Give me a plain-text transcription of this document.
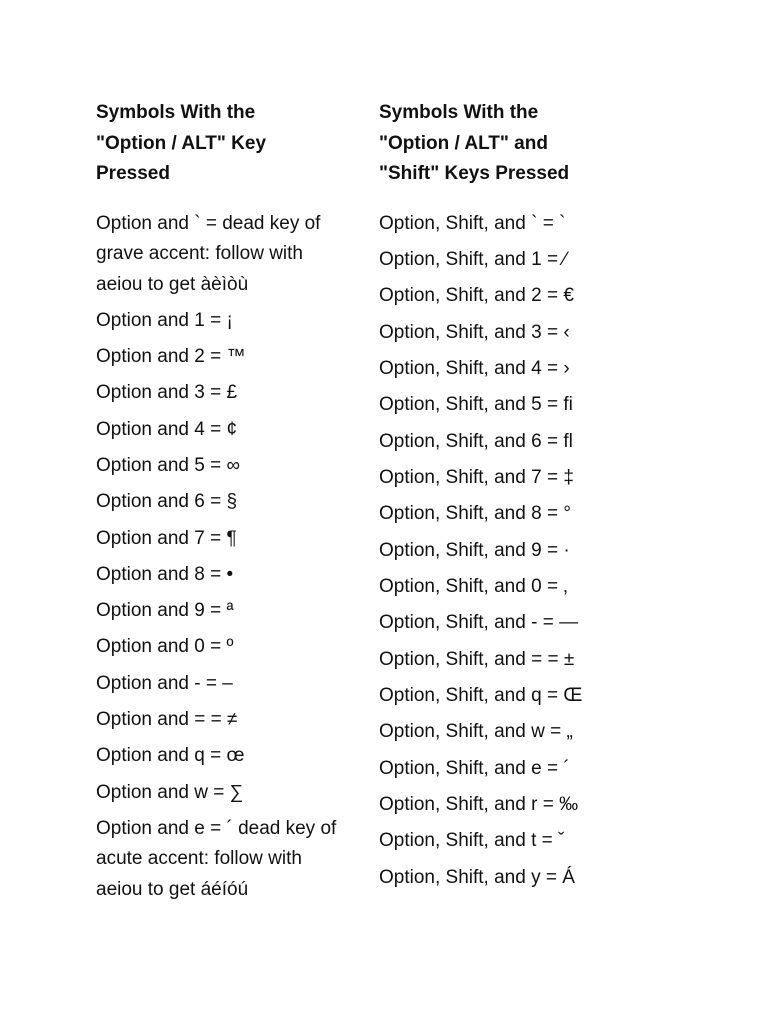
Symbols With the
"Option / ALT" Key
Pressed
Option and ` = dead key of
grave accent: follow with
aeiou to get àèìòù
Option and 1 = ¡
Option and 2 = ™
Option and 3 = £
Option and 4 = ¢
Option and 5 = ∞
Option and 6 = §
Option and 7 = ¶
Option and 8 = •
Option and 9 = ª
Option and 0 = º
Option and - = –
Option and = = ≠
Option and q = œ
Option and w = ∑
Option and e = ´ dead key of
acute accent: follow with
aeiou to get áéíóú
Symbols With the
"Option / ALT" and
"Shift" Keys Pressed
Option, Shift, and ` = `
Option, Shift, and 1 = ⁄
Option, Shift, and 2 = €
Option, Shift, and 3 = ‹
Option, Shift, and 4 = ›
Option, Shift, and 5 = ﬁ
Option, Shift, and 6 = ﬂ
Option, Shift, and 7 = ‡
Option, Shift, and 8 = °
Option, Shift, and 9 = ·
Option, Shift, and 0 = ‚
Option, Shift, and - = —
Option, Shift, and = = ±
Option, Shift, and q = Œ
Option, Shift, and w = „
Option, Shift, and e = ´
Option, Shift, and r = ‰
Option, Shift, and t = ˇ
Option, Shift, and y = Á
